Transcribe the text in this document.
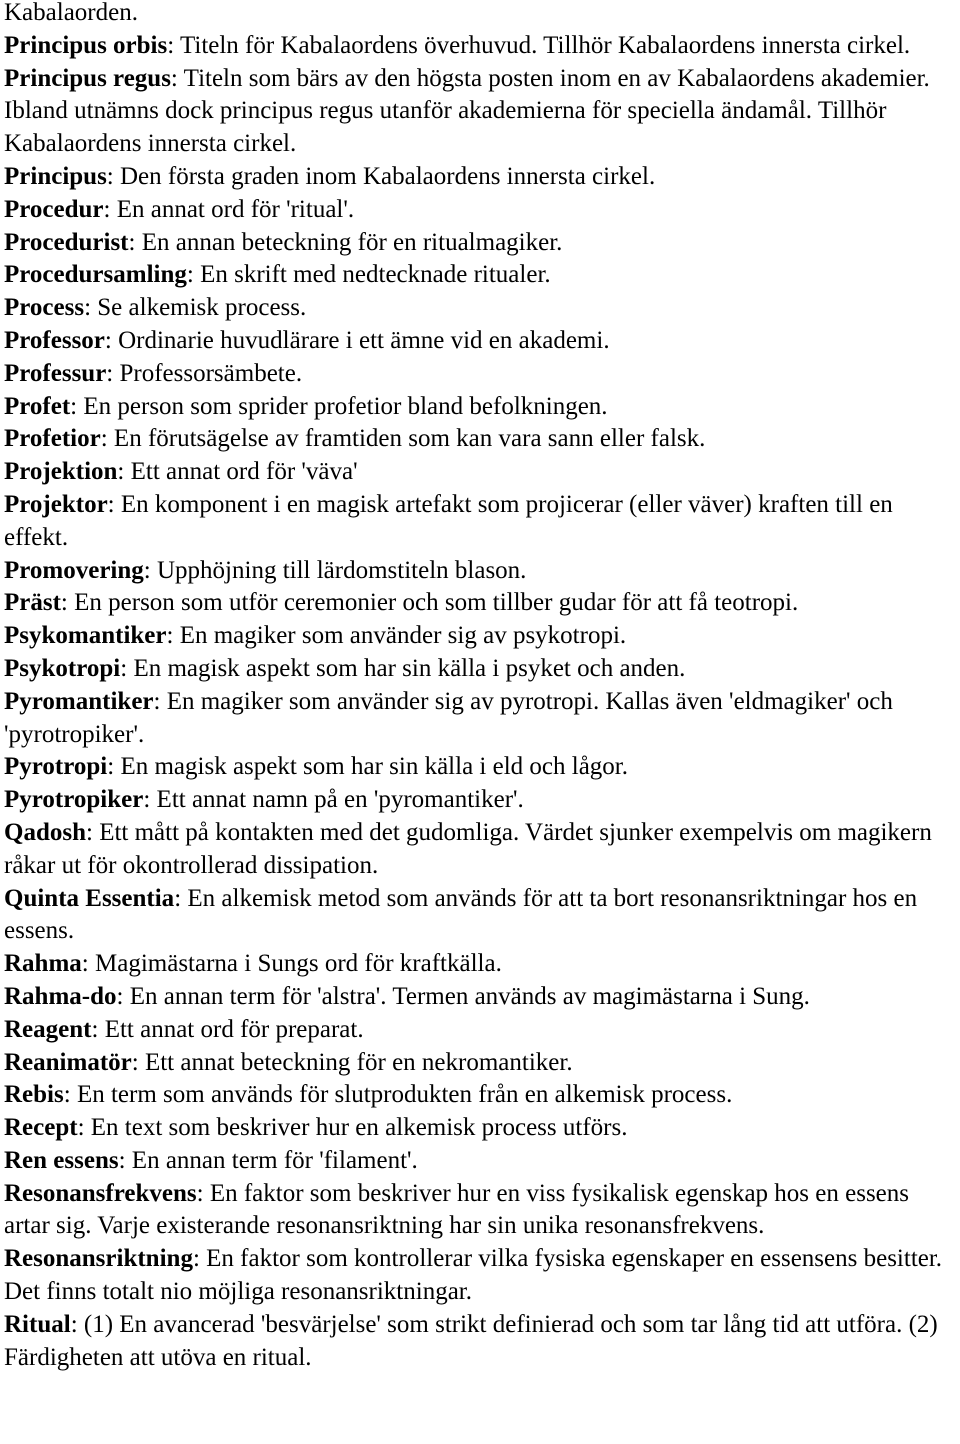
Kabalaorden.

Principus orbis: Titeln för Kabalaordens överhuvud. Tillhör Kabalaordens innersta cirkel.

Principus regus: Titeln som bärs av den högsta posten inom en av Kabalaordens akademier. Ibland utnämns dock principus regus utanför akademierna för speciella ändamål. Tillhör Kabalaordens innersta cirkel.

Principus: Den första graden inom Kabalaordens innersta cirkel.

Procedur: En annat ord för 'ritual'.

Procedurist: En annan beteckning för en ritualmagiker.

Procedursamling: En skrift med nedtecknade ritualer.

Process: Se alkemisk process.

Professor: Ordinarie huvudlärare i ett ämne vid en akademi.

Professur: Professorsämbete.

Profet: En person som sprider profetior bland befolkningen.

Profetior: En förutsägelse av framtiden som kan vara sann eller falsk.

Projektion: Ett annat ord för 'väva'

Projektor: En komponent i en magisk artefakt som projicerar (eller väver) kraften till en effekt.

Promovering: Upphöjning till lärdomstiteln blason.

Präst: En person som utför ceremonier och som tillber gudar för att få teotropi.

Psykomantiker: En magiker som använder sig av psykotropi.

Psykotropi: En magisk aspekt som har sin källa i psyket och anden.

Pyromantiker: En magiker som använder sig av pyrotropi. Kallas även 'eldmagiker' och 'pyrotropiker'.

Pyrotropi: En magisk aspekt som har sin källa i eld och lågor.

Pyrotropiker: Ett annat namn på en 'pyromantiker'.

Qadosh: Ett mått på kontakten med det gudomliga. Värdet sjunker exempelvis om magikern råkar ut för okontrollerad dissipation.

Quinta Essentia: En alkemisk metod som används för att ta bort resonansriktningar hos en essens.

Rahma: Magimästarna i Sungs ord för kraftkälla.

Rahma-do: En annan term för 'alstra'. Termen används av magimästarna i Sung.

Reagent: Ett annat ord för preparat.

Reanimatör: Ett annat beteckning för en nekromantiker.

Rebis: En term som används för slutprodukten från en alkemisk process.

Recept: En text som beskriver hur en alkemisk process utförs.

Ren essens: En annan term för 'filament'.

Resonansfrekvens: En faktor som beskriver hur en viss fysikalisk egenskap hos en essens artar sig. Varje existerande resonansriktning har sin unika resonansfrekvens.

Resonansriktning: En faktor som kontrollerar vilka fysiska egenskaper en essensens besitter. Det finns totalt nio möjliga resonansriktningar.

Ritual: (1) En avancerad 'besvärjelse' som strikt definierad och som tar lång tid att utföra. (2) Färdigheten att utöva en ritual.
